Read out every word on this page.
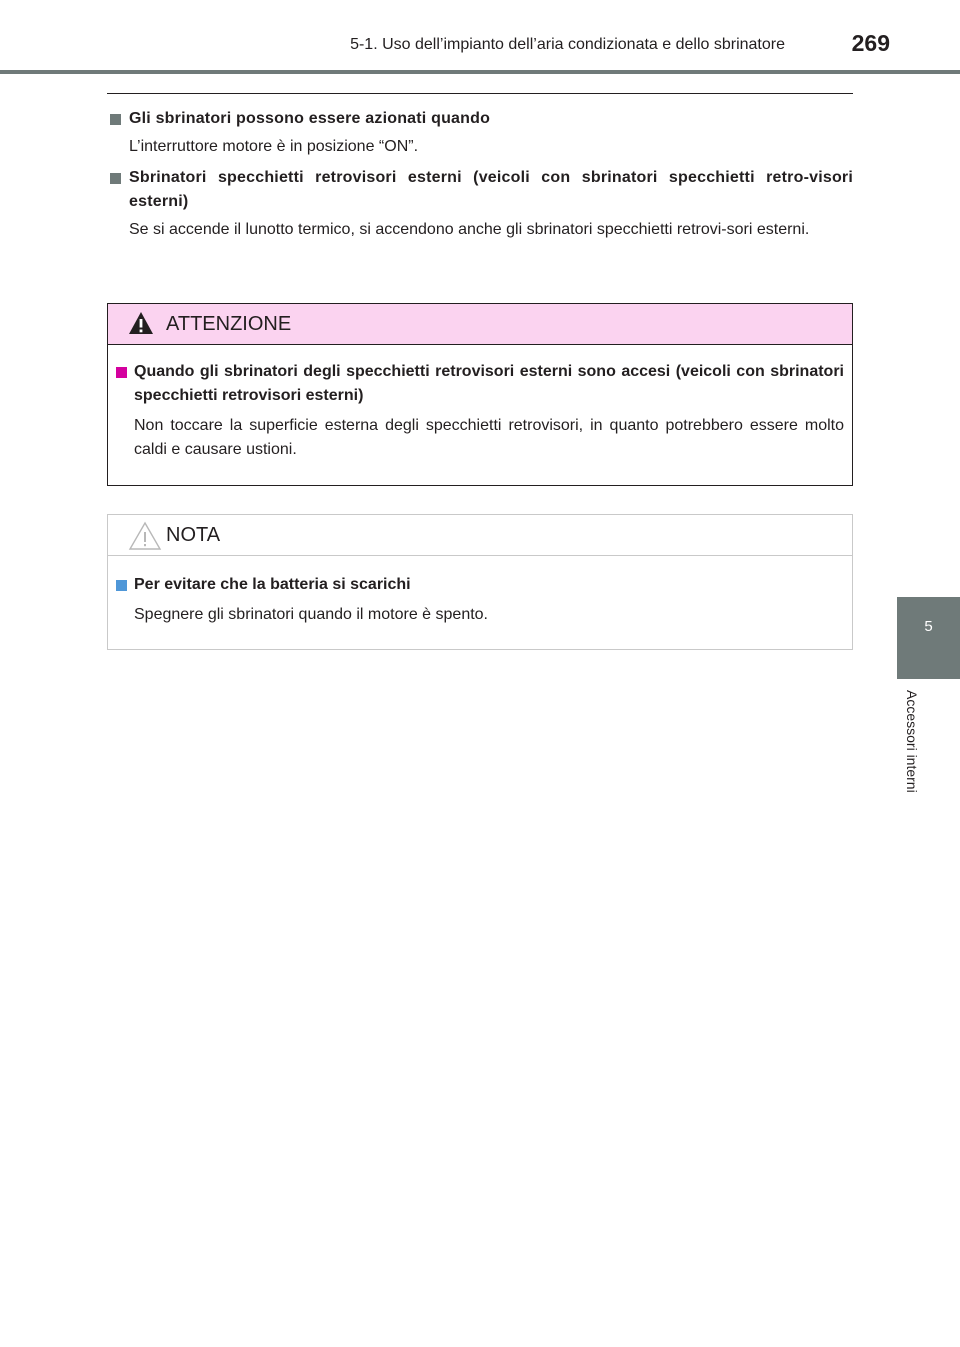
5-1. Uso dell’impianto dell’aria condizionata e dello sbrinatore	269
5
Accessori interni
Gli sbrinatori possono essere azionati quando
L’interruttore motore è in posizione “ON”.
Sbrinatori specchietti retrovisori esterni (veicoli con sbrinatori specchietti retro-visori esterni)
Se si accende il lunotto termico, si accendono anche gli sbrinatori specchietti retrovi-sori esterni.
ATTENZIONE
Quando gli sbrinatori degli specchietti retrovisori esterni sono accesi (veicoli con sbrinatori specchietti retrovisori esterni)
Non toccare la superficie esterna degli specchietti retrovisori, in quanto potrebbero essere molto caldi e causare ustioni.
NOTA
Per evitare che la batteria si scarichi
Spegnere gli sbrinatori quando il motore è spento.
